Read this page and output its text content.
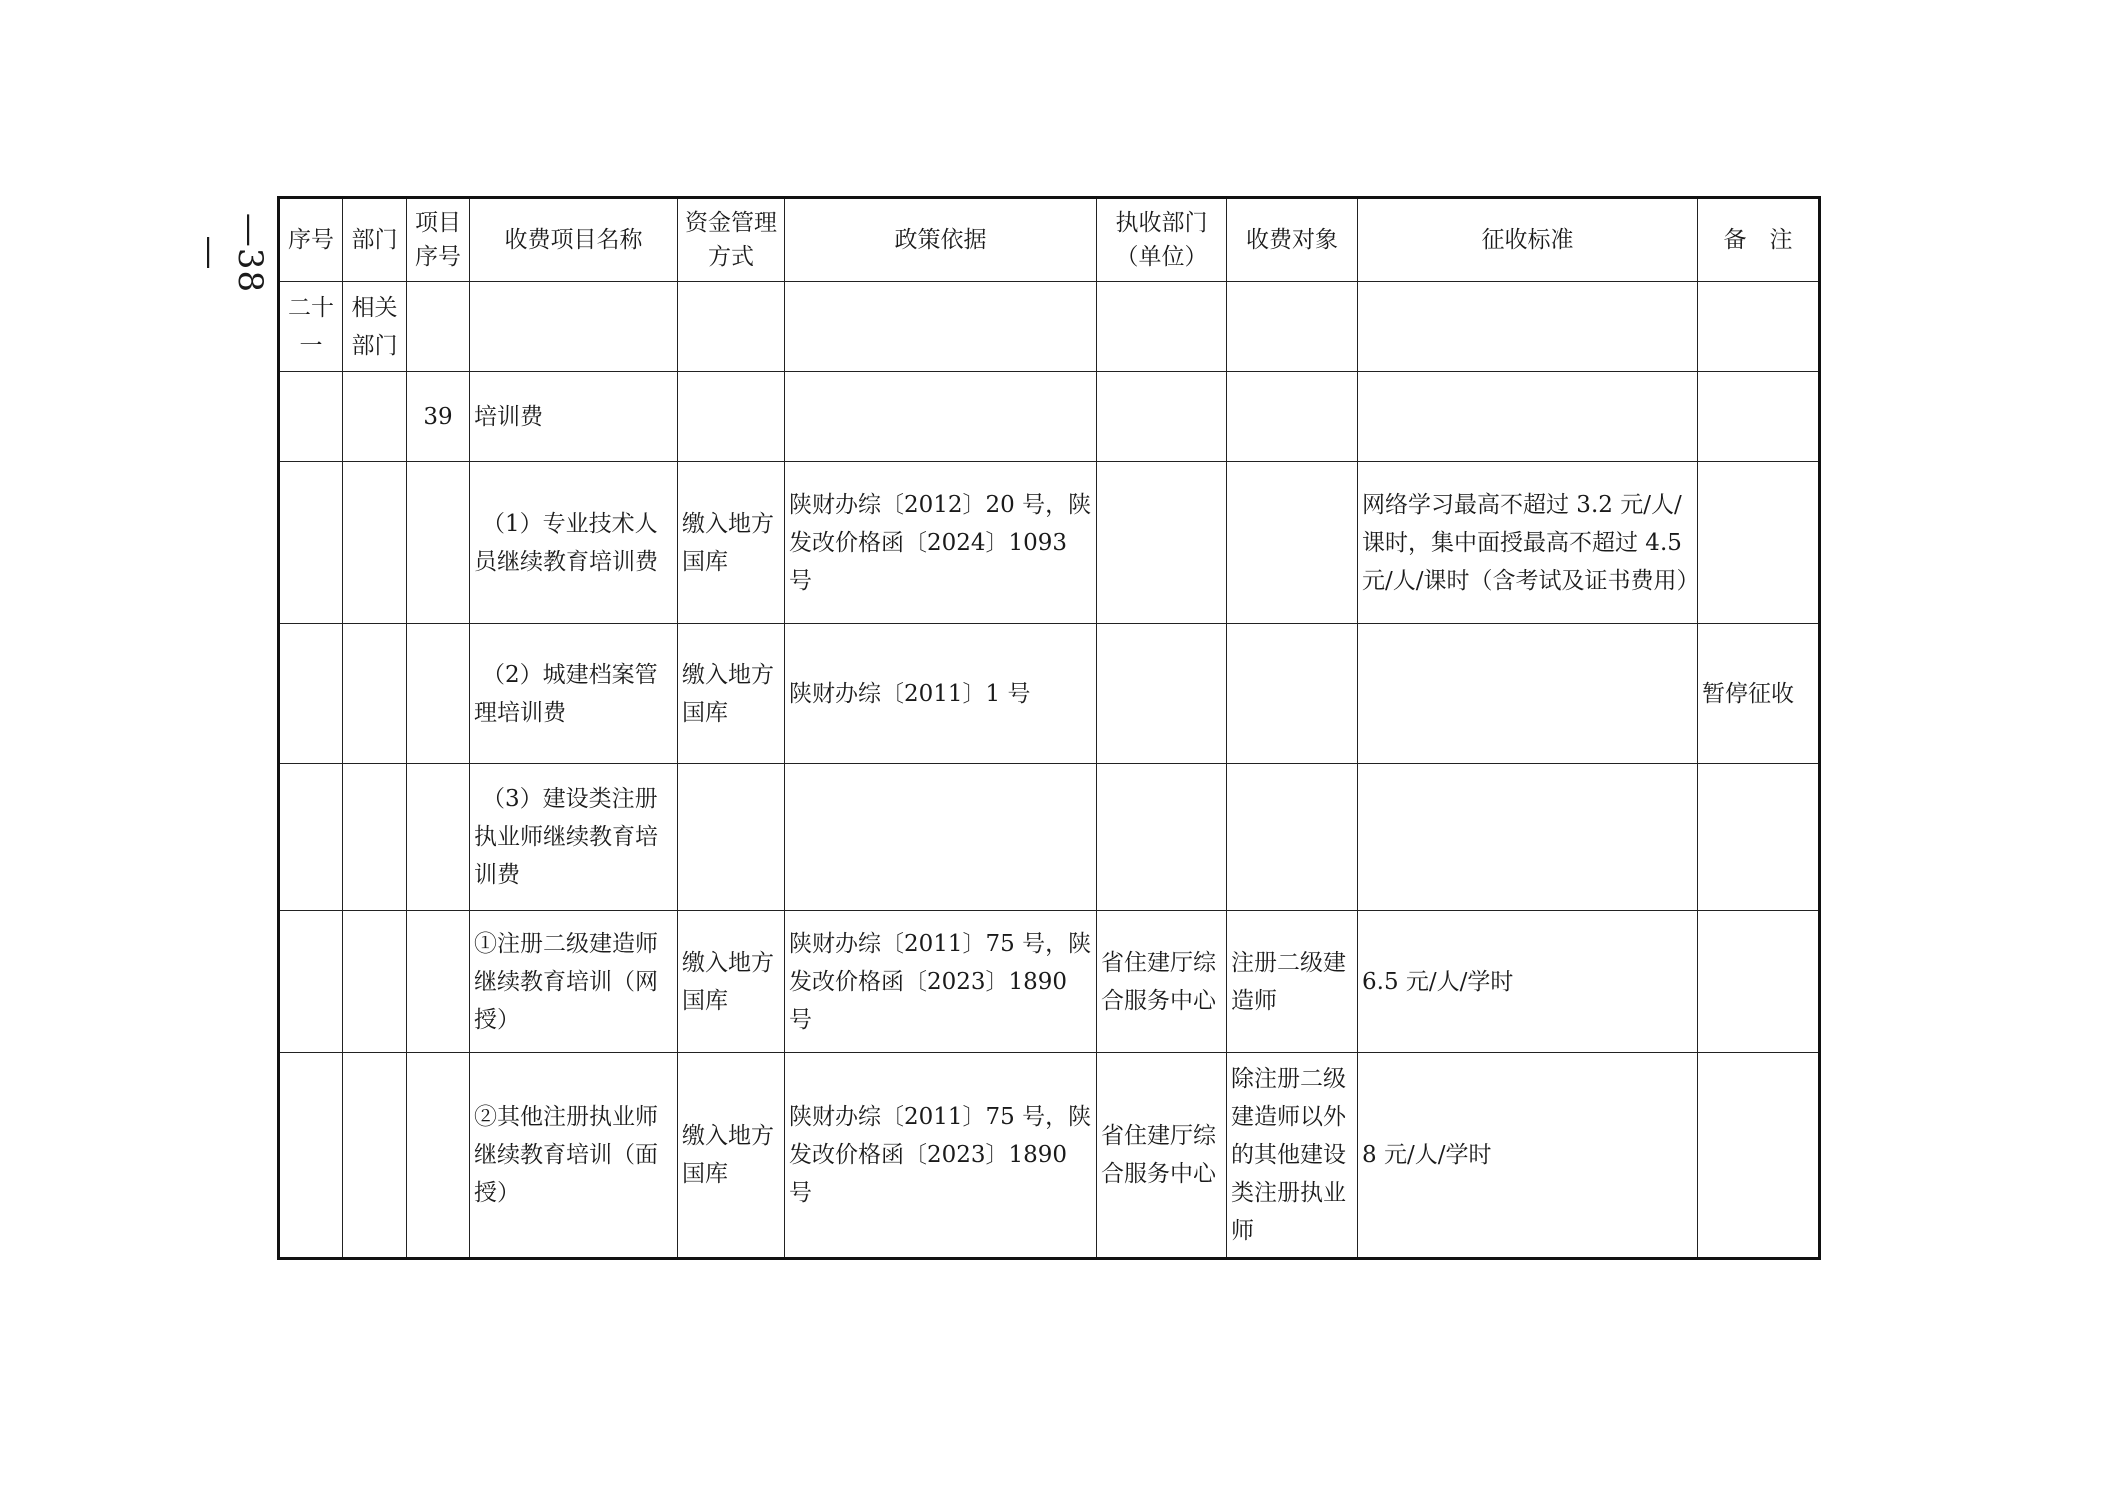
—38—	序号	部门	项目序号	收费项目名称	资金管理方式	政策依据	执收部门（单位）	收费对象	征收标准	备　注
二十一	相关部门								
		39	培训费						
			（1）专业技术人员继续教育培训费	缴入地方国库	陕财办综〔2012〕20 号，陕发改价格函〔2024〕1093 号			网络学习最高不超过 3.2 元/人/课时，集中面授最高不超过 4.5 元/人/课时（含考试及证书费用）	
			（2）城建档案管理培训费	缴入地方国库	陕财办综〔2011〕1 号				暂停征收
			（3）建设类注册执业师继续教育培训费						
			①注册二级建造师继续教育培训（网授）	缴入地方国库	陕财办综〔2011〕75 号，陕发改价格函〔2023〕1890 号	省住建厅综合服务中心	注册二级建造师	6.5 元/人/学时	
			②其他注册执业师继续教育培训（面授）	缴入地方国库	陕财办综〔2011〕75 号，陕发改价格函〔2023〕1890 号	省住建厅综合服务中心	除注册二级建造师以外的其他建设类注册执业师	8 元/人/学时	
